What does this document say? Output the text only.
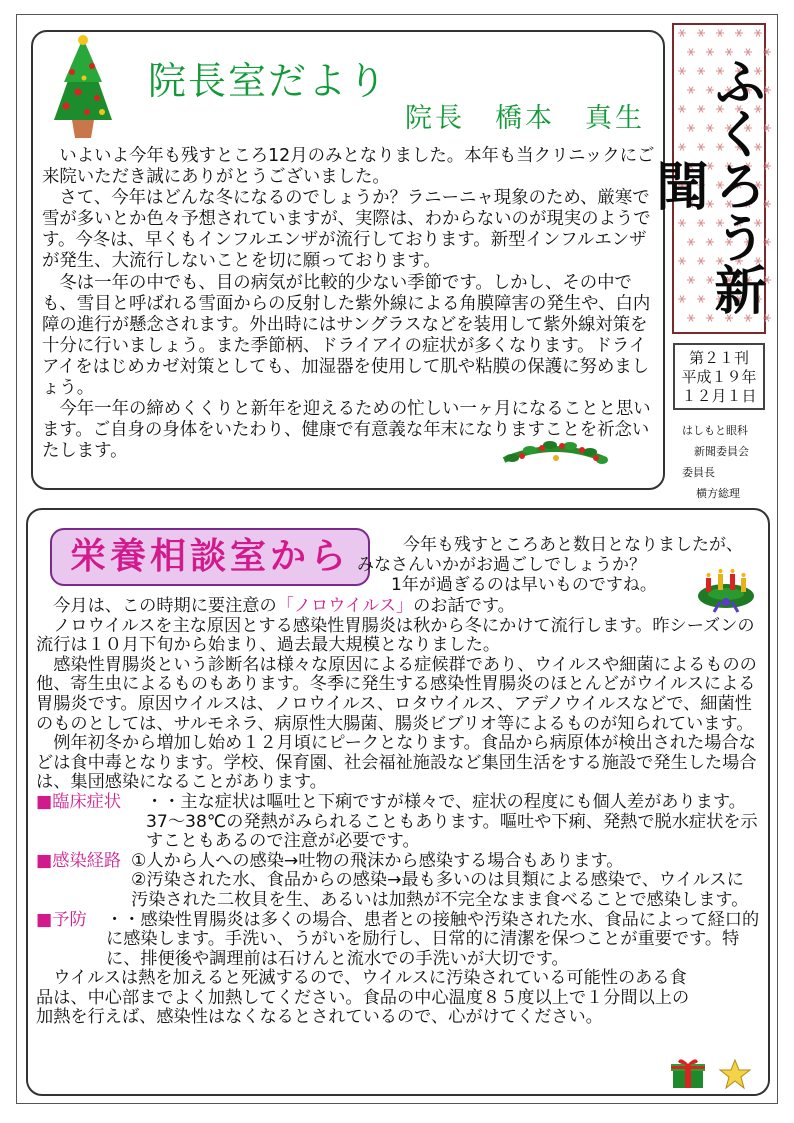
院長室だより
院長　橋本　真生

いよいよ今年も残すところ12月のみとなりました。本年も当クリニックにご来院いただき誠にありがとうございました。

さて、今年はどんな冬になるのでしょうか？ラニーニャ現象のため、厳寒で雪が多いとか色々予想されていますが、実際は、わからないのが現実のようです。今冬は、早くもインフルエンザが流行しております。新型インフルエンザが発生、大流行しないことを切に願っております。

冬は一年の中でも、目の病気が比較的少ない季節です。しかし、その中でも、雪目と呼ばれる雪面からの反射した紫外線による角膜障害の発生や、白内障の進行が懸念されます。外出時にはサングラスなどを装用して紫外線対策を十分に行いましょう。また季節柄、ドライアイの症状が多くなります。ドライアイをはじめカゼ対策としても、加湿器を使用して肌や粘膜の保護に努めましょう。

今年一年の締めくくりと新年を迎えるための忙しい一ヶ月になることと思います。ご自身の身体をいたわり、健康で有意義な年末になりますことを祈念いたします。

ふくろう新聞
第２１刊
平成１９年
１２月１日
はしもと眼科
新聞委員会
委員長
横方総理
栄養相談室から	今年も残すところあと数日となりましたが、
みなさんいかがお過ごしでしょうか？
1年が過ぎるのは早いものですね。

今月は、この時期に要注意の「ノロウイルス」のお話です。

ノロウイルスを主な原因とする感染性胃腸炎は秋から冬にかけて流行します。昨シーズンの流行は１０月下旬から始まり、過去最大規模となりました。

感染性胃腸炎という診断名は様々な原因による症候群であり、ウイルスや細菌によるものの他、寄生虫によるものもあります。冬季に発生する感染性胃腸炎のほとんどがウイルスによる胃腸炎です。原因ウイルスは、ノロウイルス、ロタウイルス、アデノウイルスなどで、細菌性のものとしては、サルモネラ、病原性大腸菌、腸炎ビブリオ等によるものが知られています。

例年初冬から増加し始め１２月頃にピークとなります。食品から病原体が検出された場合などは食中毒となります。学校、保育園、社会福祉施設など集団生活をする施設で発生した場合は、集団感染になることがあります。

■臨床症状	・・主な症状は嘔吐と下痢ですが様々で、症状の程度にも個人差があります。37～38℃の発熱がみられることもあります。嘔吐や下痢、発熱で脱水症状を示すこともあるので注意が必要です。

■感染経路 ①人から人への感染→吐物の飛沫から感染する場合もあります。

②汚染された水、食品からの感染→最も多いのは貝類による感染で、ウイルスに汚染された二枚貝を生、あるいは加熱が不完全なまま食べることで感染します。

■予防	・・感染性胃腸炎は多くの場合、患者との接触や汚染された水、食品によって経口的に感染します。手洗い、うがいを励行し、日常的に清潔を保つことが重要です。特に、排便後や調理前は石けんと流水での手洗いが大切です。

ウイルスは熱を加えると死滅するので、ウイルスに汚染されている可能性のある食品は、中心部までよく加熱してください。食品の中心温度８５度以上で１分間以上の加熱を行えば、感染性はなくなるとされているので、心がけてください。
